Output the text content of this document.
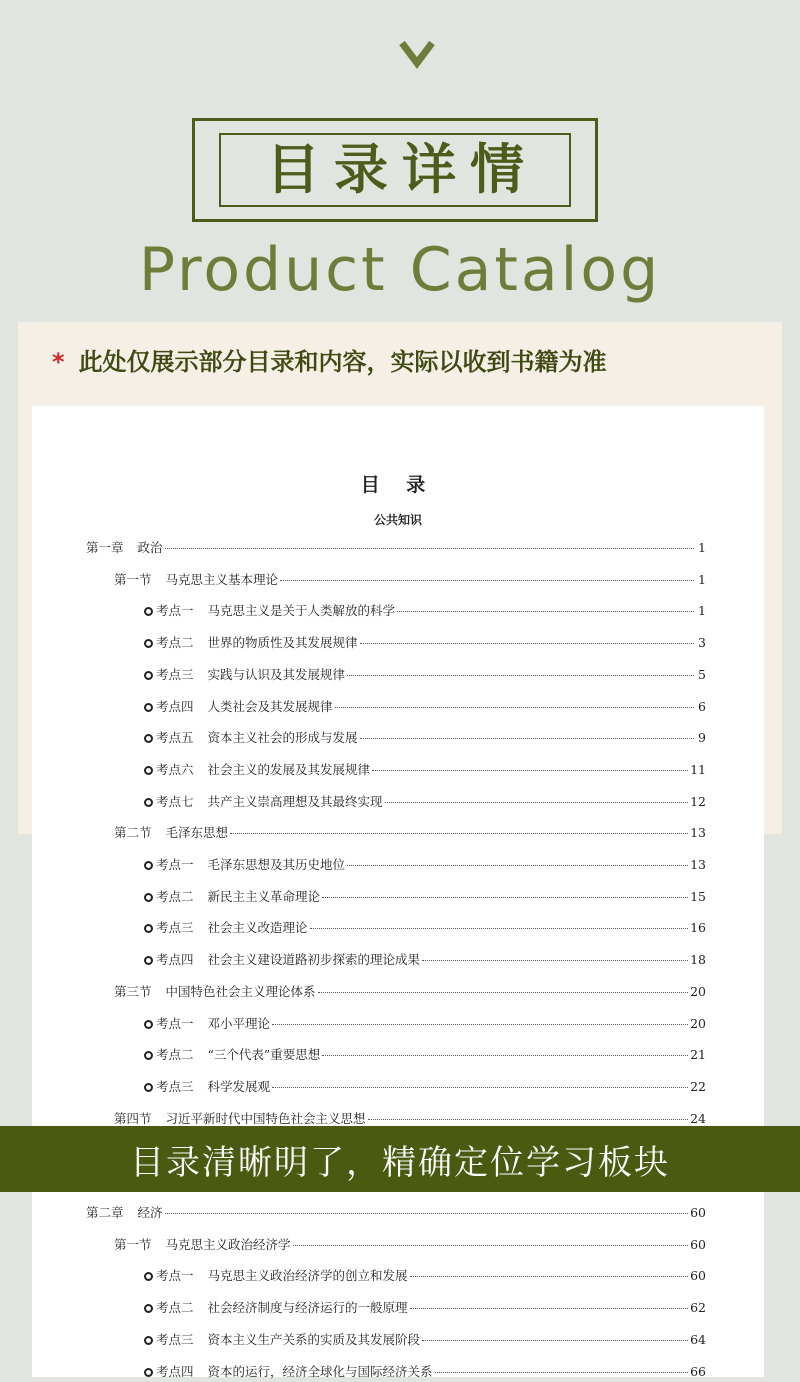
目录详情
Product Catalog
* 此处仅展示部分目录和内容，实际以收到书籍为准
目 录
公共知识
第一章 政治	1
第一节 马克思主义基本理论	1
考点一 马克思主义是关于人类解放的科学	1
考点二 世界的物质性及其发展规律	3
考点三 实践与认识及其发展规律	5
考点四 人类社会及其发展规律	6
考点五 资本主义社会的形成与发展	9
考点六 社会主义的发展及其发展规律	11
考点七 共产主义崇高理想及其最终实现	12
第二节 毛泽东思想	13
考点一 毛泽东思想及其历史地位	13
考点二 新民主主义革命理论	15
考点三 社会主义改造理论	16
考点四 社会主义建设道路初步探索的理论成果	18
第三节 中国特色社会主义理论体系	20
考点一 邓小平理论	20
考点二 “三个代表”重要思想	21
考点三 科学发展观	22
第四节 习近平新时代中国特色社会主义思想	24
第二章 经济	60
第一节 马克思主义政治经济学	60
考点一 马克思主义政治经济学的创立和发展	60
考点二 社会经济制度与经济运行的一般原理	62
考点三 资本主义生产关系的实质及其发展阶段	64
考点四 资本的运行，经济全球化与国际经济关系	66
目录清晰明了，精确定位学习板块
